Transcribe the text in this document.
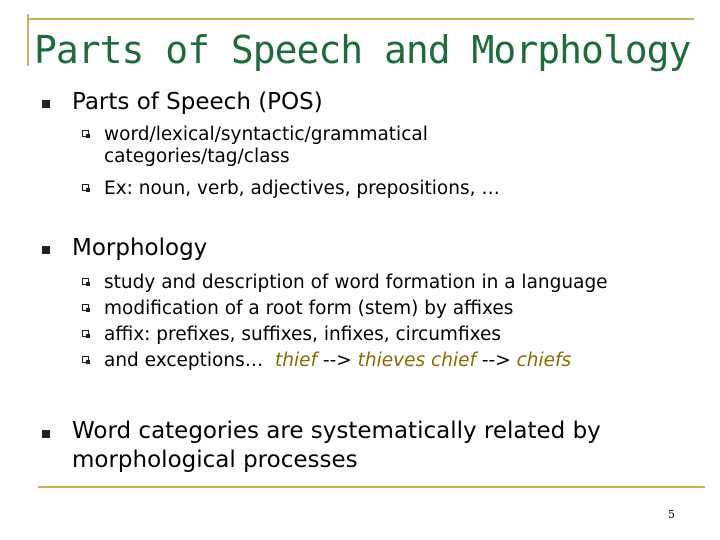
Parts of Speech and Morphology
Parts of Speech (POS)
word/lexical/syntactic/grammatical categories/tag/class
Ex: noun, verb, adjectives, prepositions, …
Morphology
study and description of word formation in a language
modification of a root form (stem) by affixes
affix: prefixes, suffixes, infixes, circumfixes
and exceptions… thief --> thieves chief --> chiefs
Word categories are systematically related by morphological processes
5
